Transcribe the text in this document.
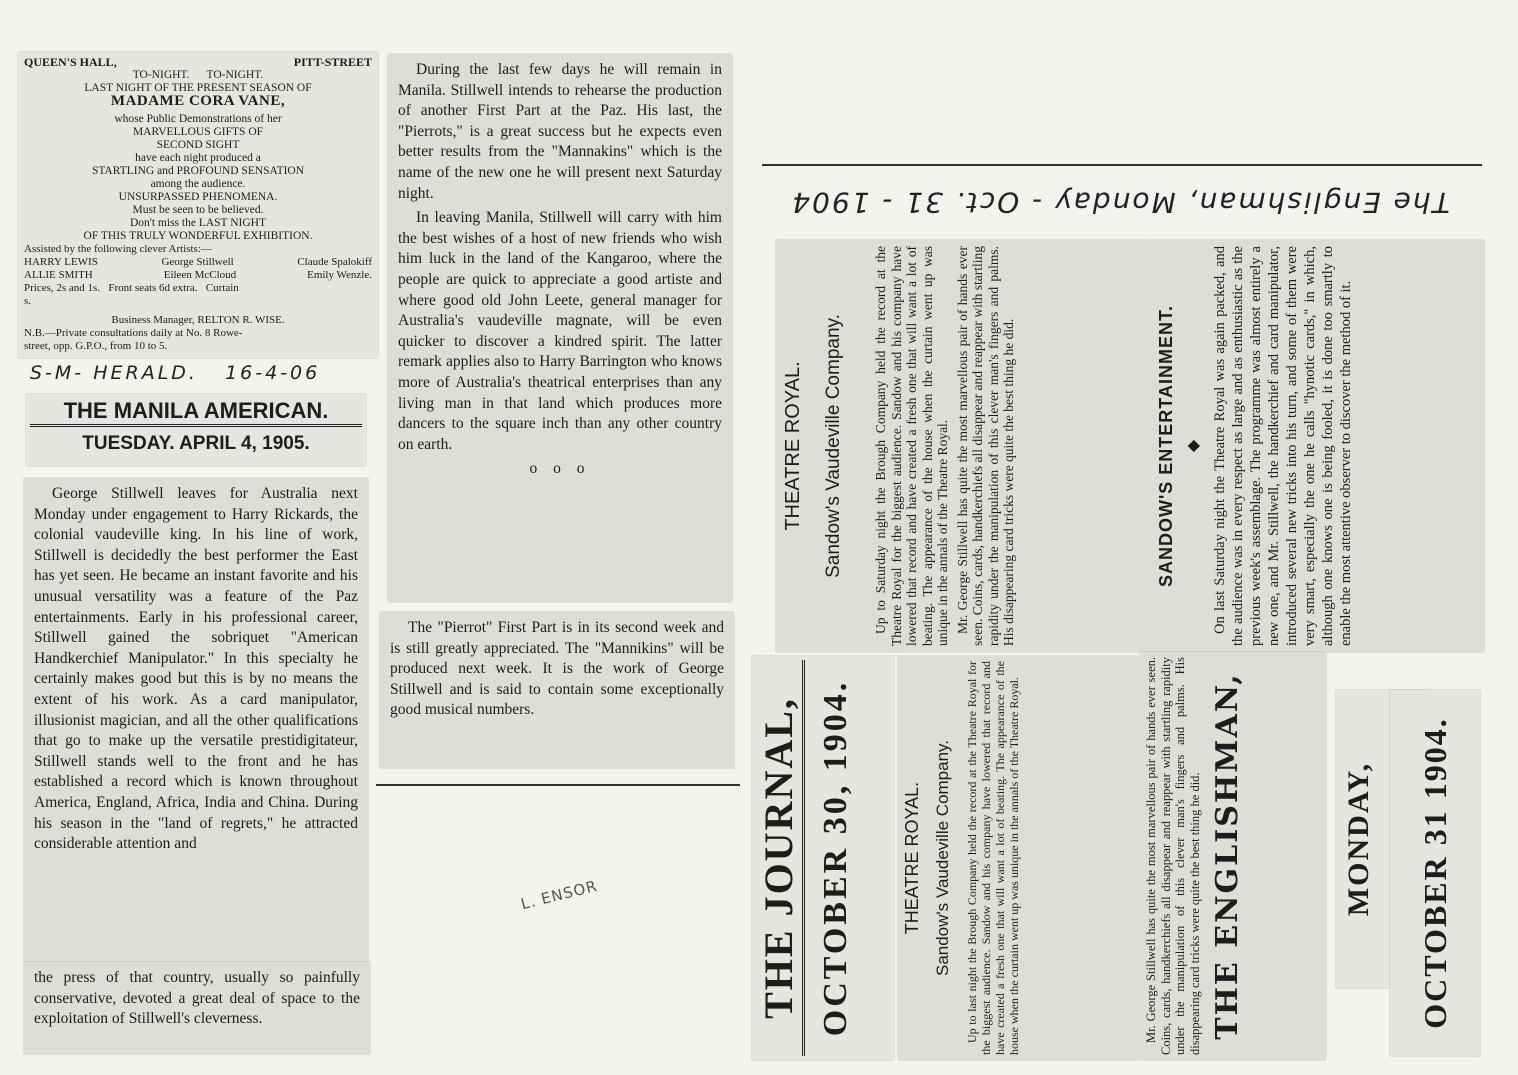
QUEEN'S HALL,	PITT-STREET
TO-NIGHT.      TO-NIGHT.
LAST NIGHT OF THE PRESENT SEASON OF
MADAME CORA VANE,
whose Public Demonstrations of her
MARVELLOUS GIFTS OF
SECOND SIGHT
have each night produced a
STARTLING and PROFOUND SENSATION
among the audience.
UNSURPASSED PHENOMENA.
Must be seen to be believed.
Don't miss the LAST NIGHT
OF THIS TRULY WONDERFUL EXHIBITION.
Assisted by the following clever Artists:—
HARRY LEWIS	George Stillwell	Claude Spalokiff
ALLIE SMITH	Eileen McCloud	Emily Wenzle.
Prices, 2s and 1s.   Front seats 6d extra.   Curtain
s.
Business Manager, RELTON R. WISE.
N.B.—Private consultations daily at No. 8 Rowe-
street, opp. G.P.O., from 10 to 5.
S-M- HERALD.   16-4-06
THE MANILA AMERICAN.
TUESDAY. APRIL 4, 1905.

George Stillwell leaves for Australia next Monday under engagement to Harry Rickards, the colonial vaudeville king. In his line of work, Stillwell is decidedly the best performer the East has yet seen. He became an instant favorite and his unusual versatility was a feature of the Paz entertainments. Early in his professional career, Stillwell gained the sobriquet "American Handkerchief Manipulator." In this specialty he certainly makes good but this is by no means the extent of his work. As a card manipulator, illusionist magician, and all the other qualifications that go to make up the versatile prestidigitateur, Stillwell stands well to the front and he has established a record which is known throughout America, England, Africa, India and China. During his season in the "land of regrets," he attracted considerable attention and

the press of that country, usually so painfully conservative, devoted a great deal of space to the exploitation of Stillwell's cleverness.

During the last few days he will remain in Manila. Stillwell intends to rehearse the production of another First Part at the Paz. His last, the "Pierrots," is a great success but he expects even better results from the "Mannakins" which is the name of the new one he will present next Saturday night.

In leaving Manila, Stillwell will carry with him the best wishes of a host of new friends who wish him luck in the land of the Kangaroo, where the people are quick to appreciate a good artiste and where good old John Leete, general manager for Australia's vaudeville magnate, will be even quicker to discover a kindred spirit. The latter remark applies also to Harry Barrington who knows more of Australia's theatrical enterprises than any living man in that land which produces more dancers to the square inch than any other country on earth.

o o o

The "Pierrot" First Part is in its second week and is still greatly appreciated. The "Mannikins" will be produced next week. It is the work of George Stillwell and is said to contain some exceptionally good musical numbers.

L. ENSOR
The Englishman, Monday - Oct. 31 - 1904
THEATRE ROYAL. Sandow's Vaudeville Company. Up to Saturday night the Brough Company held the record at the Theatre Royal for the biggest audience. Sandow and his company have lowered that record and have created a fresh one that will want a lot of beating. The appearance of the house when the curtain went up was unique in the annals of the Theatre Royal. Mr. George Stillwell has quite the most marvellous pair of hands ever seen. Coins, cards, handkerchiefs all disappear and reappear with startling rapidity under the manipulation of this clever man's fingers and palms. His disappearing card tricks were quite the best thing he did.	SANDOW'S ENTERTAINMENT. ◆ On last Saturday night the Theatre Royal was again packed, and the audience was in every respect as large and as enthusiastic as the previous week's assemblage. The programme was almost entirely a new one, and Mr. Stillwell, the handkerchief and card manipulator, introduced several new tricks into his turn, and some of them were very smart, especially the one he calls "hynotic cards," in which, although one knows one is being fooled, it is done too smartly to enable the most attentive observer to discover the method of it.

THE JOURNAL, OCTOBER 30, 1904.	THEATRE ROYAL. Sandow's Vaudeville Company. Up to last night the Brough Company held the record at the Theatre Royal for the biggest audience. Sandow and his company have lowered that record and have created a fresh one that will want a lot of beating. The appearance of the house when the curtain went up was unique in the annals of the Theatre Royal.	Mr. George Stillwell has quite the most marvellous pair of hands ever seen. Coins, cards, handkerchiefs all disappear and reappear with startling rapidity under the manipulation of this clever man's fingers and palms. His disappearing card tricks were quite the best thing he did. THE ENGLISHMAN,	MONDAY,	OCTOBER 31 1904.
